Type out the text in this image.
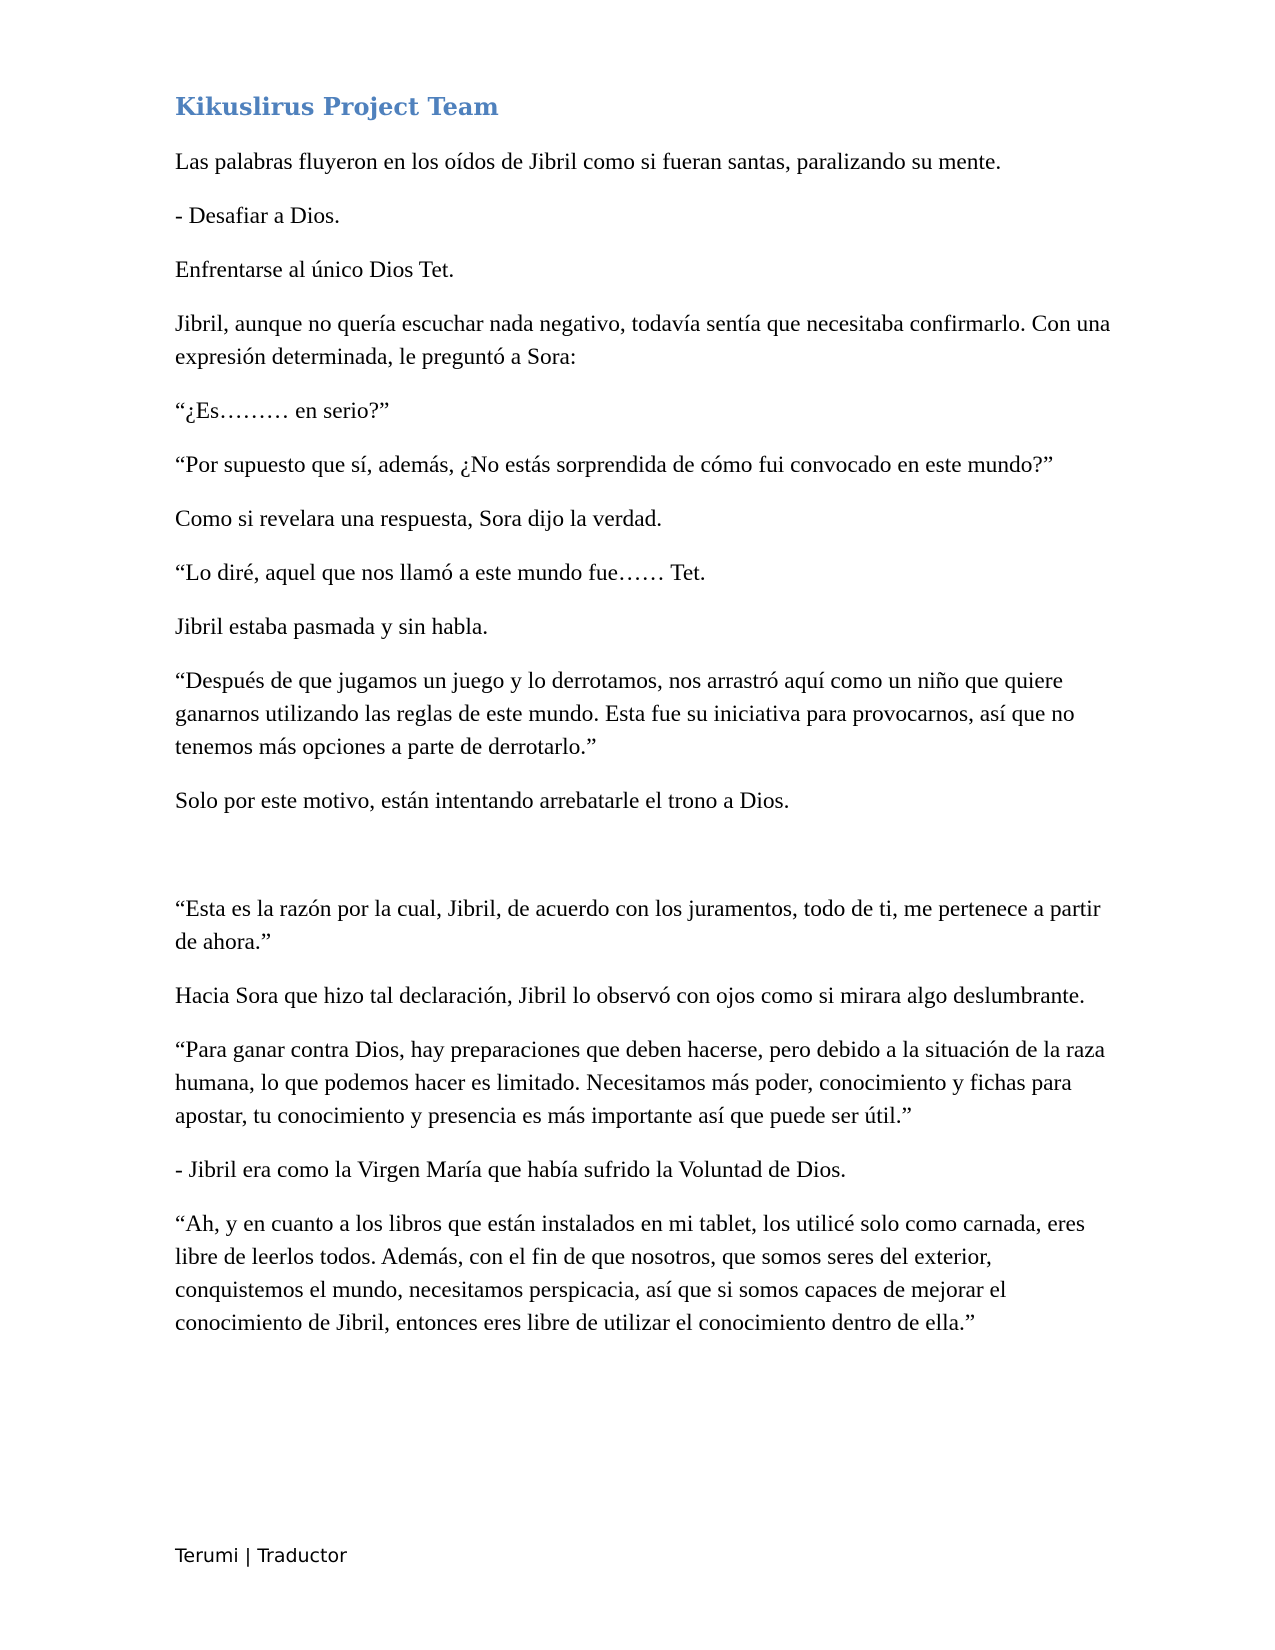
Kikuslirus Project Team

Las palabras fluyeron en los oídos de Jibril como si fueran santas, paralizando su mente.

- Desafiar a Dios.

Enfrentarse al único Dios Tet.

Jibril, aunque no quería escuchar nada negativo, todavía sentía que necesitaba confirmarlo. Con una expresión determinada, le preguntó a Sora:

“¿Es……… en serio?”

“Por supuesto que sí, además, ¿No estás sorprendida de cómo fui convocado en este mundo?”

Como si revelara una respuesta, Sora dijo la verdad.

“Lo diré, aquel que nos llamó a este mundo fue…… Tet.

Jibril estaba pasmada y sin habla.

“Después de que jugamos un juego y lo derrotamos, nos arrastró aquí como un niño que quiere ganarnos utilizando las reglas de este mundo. Esta fue su iniciativa para provocarnos, así que no tenemos más opciones a parte de derrotarlo.”

Solo por este motivo, están intentando arrebatarle el trono a Dios.

“Esta es la razón por la cual, Jibril, de acuerdo con los juramentos, todo de ti, me pertenece a partir de ahora.”

Hacia Sora que hizo tal declaración, Jibril lo observó con ojos como si mirara algo deslumbrante.

“Para ganar contra Dios, hay preparaciones que deben hacerse, pero debido a la situación de la raza humana, lo que podemos hacer es limitado. Necesitamos más poder, conocimiento y fichas para apostar, tu conocimiento y presencia es más importante así que puede ser útil.”

- Jibril era como la Virgen María que había sufrido la Voluntad de Dios.

“Ah, y en cuanto a los libros que están instalados en mi tablet, los utilicé solo como carnada, eres libre de leerlos todos. Además, con el fin de que nosotros, que somos seres del exterior, conquistemos el mundo, necesitamos perspicacia, así que si somos capaces de mejorar el conocimiento de Jibril, entonces eres libre de utilizar el conocimiento dentro de ella.”

Terumi | Traductor
